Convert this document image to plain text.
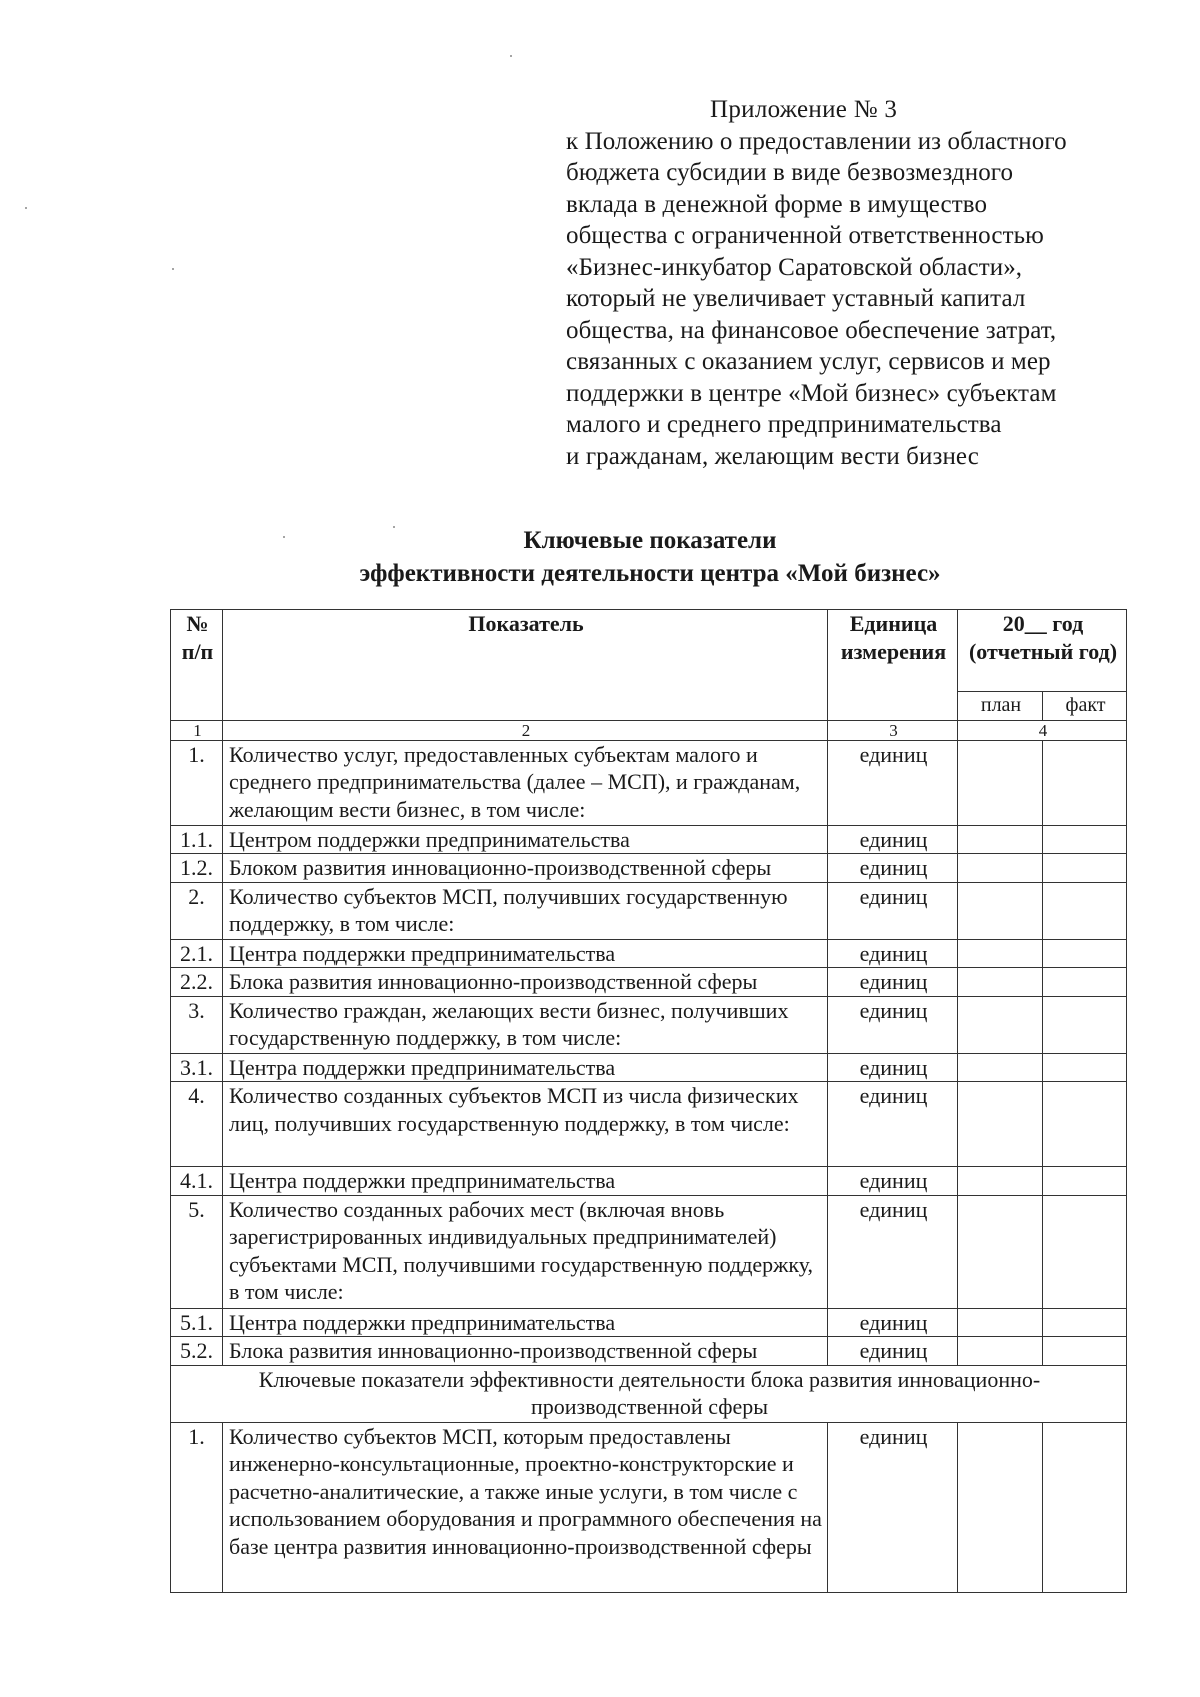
Приложение № 3
к Положению о предоставлении из областного
бюджета субсидии в виде безвозмездного
вклада в денежной форме в имущество
общества с ограниченной ответственностью
«Бизнес-инкубатор Саратовской области»,
который не увеличивает уставный капитал
общества, на финансовое обеспечение затрат,
связанных с оказанием услуг, сервисов и мер
поддержки в центре «Мой бизнес» субъектам
малого и среднего предпринимательства
и гражданам, желающим вести бизнес
Ключевые показатели
эффективности деятельности центра «Мой бизнес»
№ п/п	Показатель	Единица измерения	20__ год (отчетный год)	
			план	факт
1	2	3	4	
1.	Количество услуг, предоставленных субъектам малого и среднего предпринимательства (далее – МСП), и гражданам, желающим вести бизнес, в том числе:	единиц		
1.1.	Центром поддержки предпринимательства	единиц		
1.2.	Блоком развития инновационно-производственной сферы	единиц		
2.	Количество субъектов МСП, получивших государственную поддержку, в том числе:	единиц		
2.1.	Центра поддержки предпринимательства	единиц		
2.2.	Блока развития инновационно-производственной сферы	единиц		
3.	Количество граждан, желающих вести бизнес, получивших государственную поддержку, в том числе:	единиц		
3.1.	Центра поддержки предпринимательства	единиц		
4.	Количество созданных субъектов МСП из числа физических лиц, получивших государственную поддержку, в том числе:	единиц		
4.1.	Центра поддержки предпринимательства	единиц		
5.	Количество созданных рабочих мест (включая вновь зарегистрированных индивидуальных предпринимателей) субъектами МСП, получившими государственную поддержку, в том числе:	единиц		
5.1.	Центра поддержки предпринимательства	единиц		
5.2.	Блока развития инновационно-производственной сферы	единиц		
Ключевые показатели эффективности деятельности блока развития инновационно-производственной сферы				
1.	Количество субъектов МСП, которым предоставлены инженерно-консультационные, проектно-конструкторские и расчетно-аналитические, а также иные услуги, в том числе с использованием оборудования и программного обеспечения на базе центра развития инновационно-производственной сферы	единиц		
